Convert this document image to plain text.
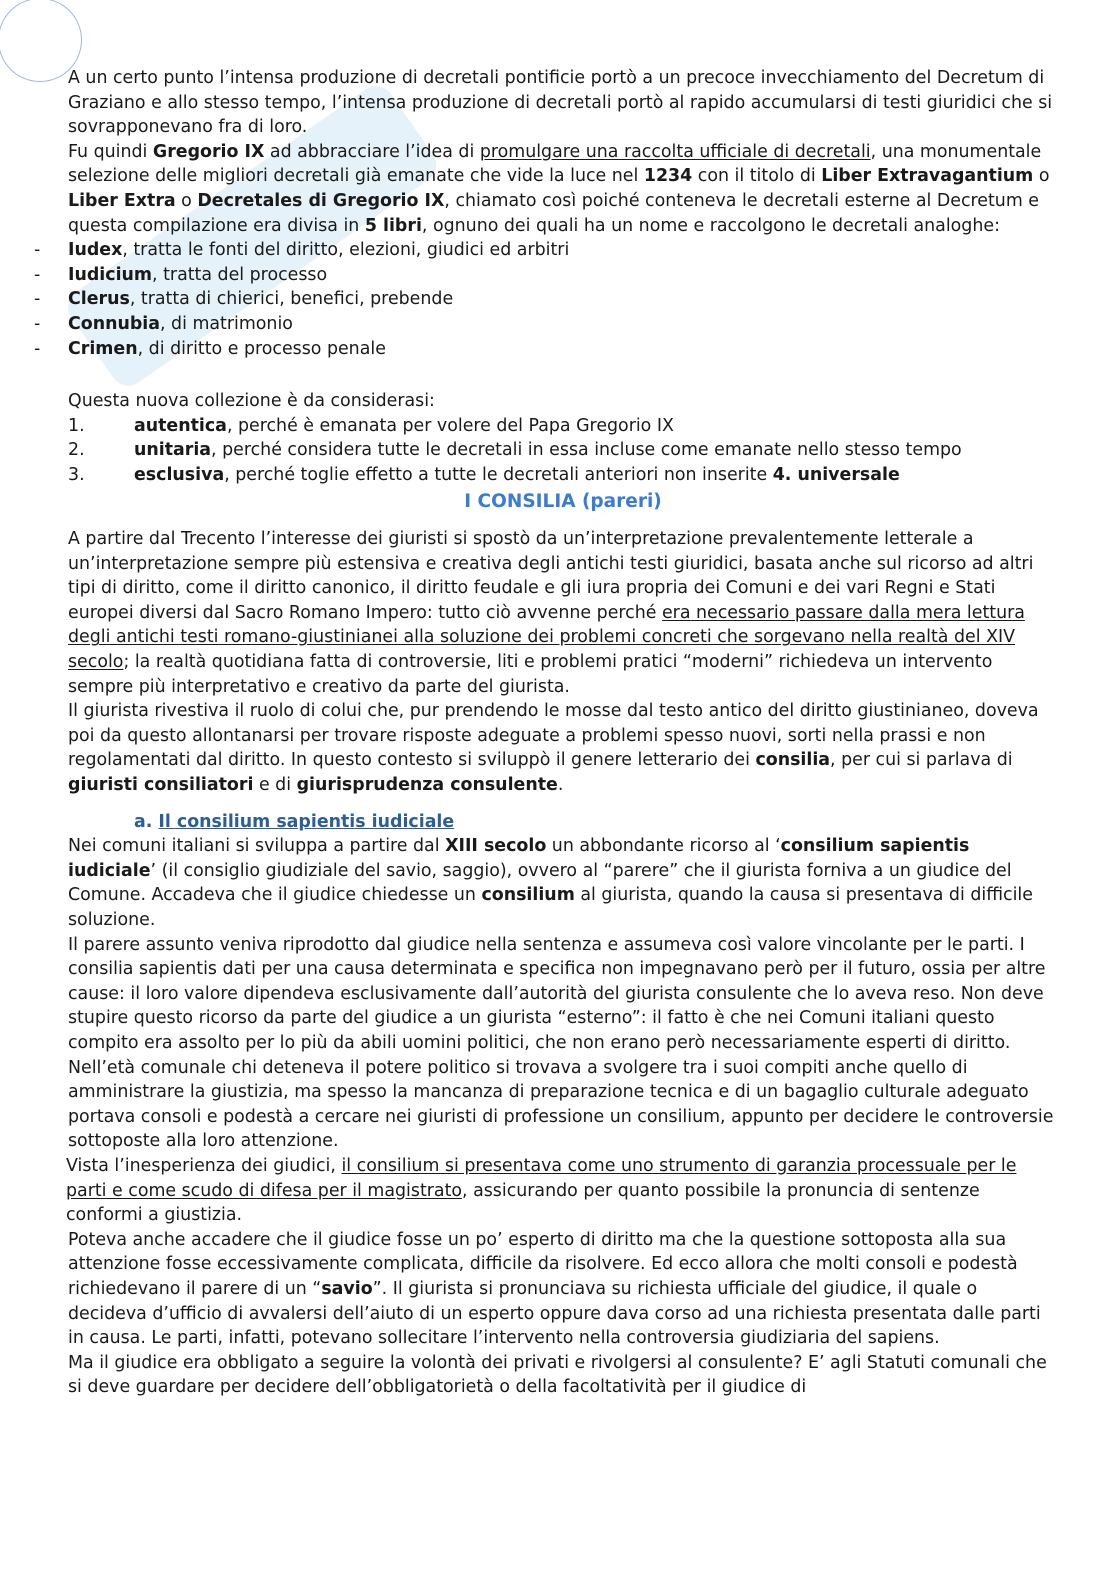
A un certo punto l’intensa produzione di decretali pontificie portò a un precoce invecchiamento del Decretum di Graziano e allo stesso tempo, l’intensa produzione di decretali portò al rapido accumularsi di testi giuridici che si sovrapponevano fra di loro.

Fu quindi Gregorio IX ad abbracciare l’idea di promulgare una raccolta ufficiale di decretali, una monumentale selezione delle migliori decretali già emanate che vide la luce nel 1234 con il titolo di Liber Extravagantium o Liber Extra o Decretales di Gregorio IX, chiamato così poiché conteneva le decretali esterne al Decretum e questa compilazione era divisa in 5 libri, ognuno dei quali ha un nome e raccolgono le decretali analoghe:

- Iudex, tratta le fonti del diritto, elezioni, giudici ed arbitri
- Iudicium, tratta del processo
- Clerus, tratta di chierici, benefici, prebende
- Connubia, di matrimonio
- Crimen, di diritto e processo penale

Questa nuova collezione è da considerasi:

1.	autentica, perché è emanata per volere del Papa Gregorio IX
2.	unitaria, perché considera tutte le decretali in essa incluse come emanate nello stesso tempo
3.	esclusiva, perché toglie effetto a tutte le decretali anteriori non inserite 4. universale
I CONSILIA (pareri)

A partire dal Trecento l’interesse dei giuristi si spostò da un’interpretazione prevalentemente letterale a un’interpretazione sempre più estensiva e creativa degli antichi testi giuridici, basata anche sul ricorso ad altri tipi di diritto, come il diritto canonico, il diritto feudale e gli iura propria dei Comuni e dei vari Regni e Stati europei diversi dal Sacro Romano Impero: tutto ciò avvenne perché era necessario passare dalla mera lettura degli antichi testi romano-giustinianei alla soluzione dei problemi concreti che sorgevano nella realtà del XIV secolo; la realtà quotidiana fatta di controversie, liti e problemi pratici “moderni” richiedeva un intervento sempre più interpretativo e creativo da parte del giurista.

Il giurista rivestiva il ruolo di colui che, pur prendendo le mosse dal testo antico del diritto giustinianeo, doveva poi da questo allontanarsi per trovare risposte adeguate a problemi spesso nuovi, sorti nella prassi e non regolamentati dal diritto. In questo contesto si sviluppò il genere letterario dei consilia, per cui si parlava di giuristi consiliatori e di giurisprudenza consulente.

a. Il consilium sapientis iudiciale

Nei comuni italiani si sviluppa a partire dal XIII secolo un abbondante ricorso al ‘consilium sapientis iudiciale’ (il consiglio giudiziale del savio, saggio), ovvero al “parere” che il giurista forniva a un giudice del Comune. Accadeva che il giudice chiedesse un consilium al giurista, quando la causa si presentava di difficile soluzione.

Il parere assunto veniva riprodotto dal giudice nella sentenza e assumeva così valore vincolante per le parti. I consilia sapientis dati per una causa determinata e specifica non impegnavano però per il futuro, ossia per altre cause: il loro valore dipendeva esclusivamente dall’autorità del giurista consulente che lo aveva reso. Non deve stupire questo ricorso da parte del giudice a un giurista “esterno”: il fatto è che nei Comuni italiani questo compito era assolto per lo più da abili uomini politici, che non erano però necessariamente esperti di diritto.

Nell’età comunale chi deteneva il potere politico si trovava a svolgere tra i suoi compiti anche quello di amministrare la giustizia, ma spesso la mancanza di preparazione tecnica e di un bagaglio culturale adeguato portava consoli e podestà a cercare nei giuristi di professione un consilium, appunto per decidere le controversie sottoposte alla loro attenzione.

Vista l’inesperienza dei giudici, il consilium si presentava come uno strumento di garanzia processuale per le parti e come scudo di difesa per il magistrato, assicurando per quanto possibile la pronuncia di sentenze conformi a giustizia.

Poteva anche accadere che il giudice fosse un po’ esperto di diritto ma che la questione sottoposta alla sua attenzione fosse eccessivamente complicata, difficile da risolvere. Ed ecco allora che molti consoli e podestà richiedevano il parere di un “savio”. Il giurista si pronunciava su richiesta ufficiale del giudice, il quale o decideva d’ufficio di avvalersi dell’aiuto di un esperto oppure dava corso ad una richiesta presentata dalle parti in causa. Le parti, infatti, potevano sollecitare l’intervento nella controversia giudiziaria del sapiens.

Ma il giudice era obbligato a seguire la volontà dei privati e rivolgersi al consulente? E’ agli Statuti comunali che si deve guardare per decidere dell’obbligatorietà o della facoltatività per il giudice di
